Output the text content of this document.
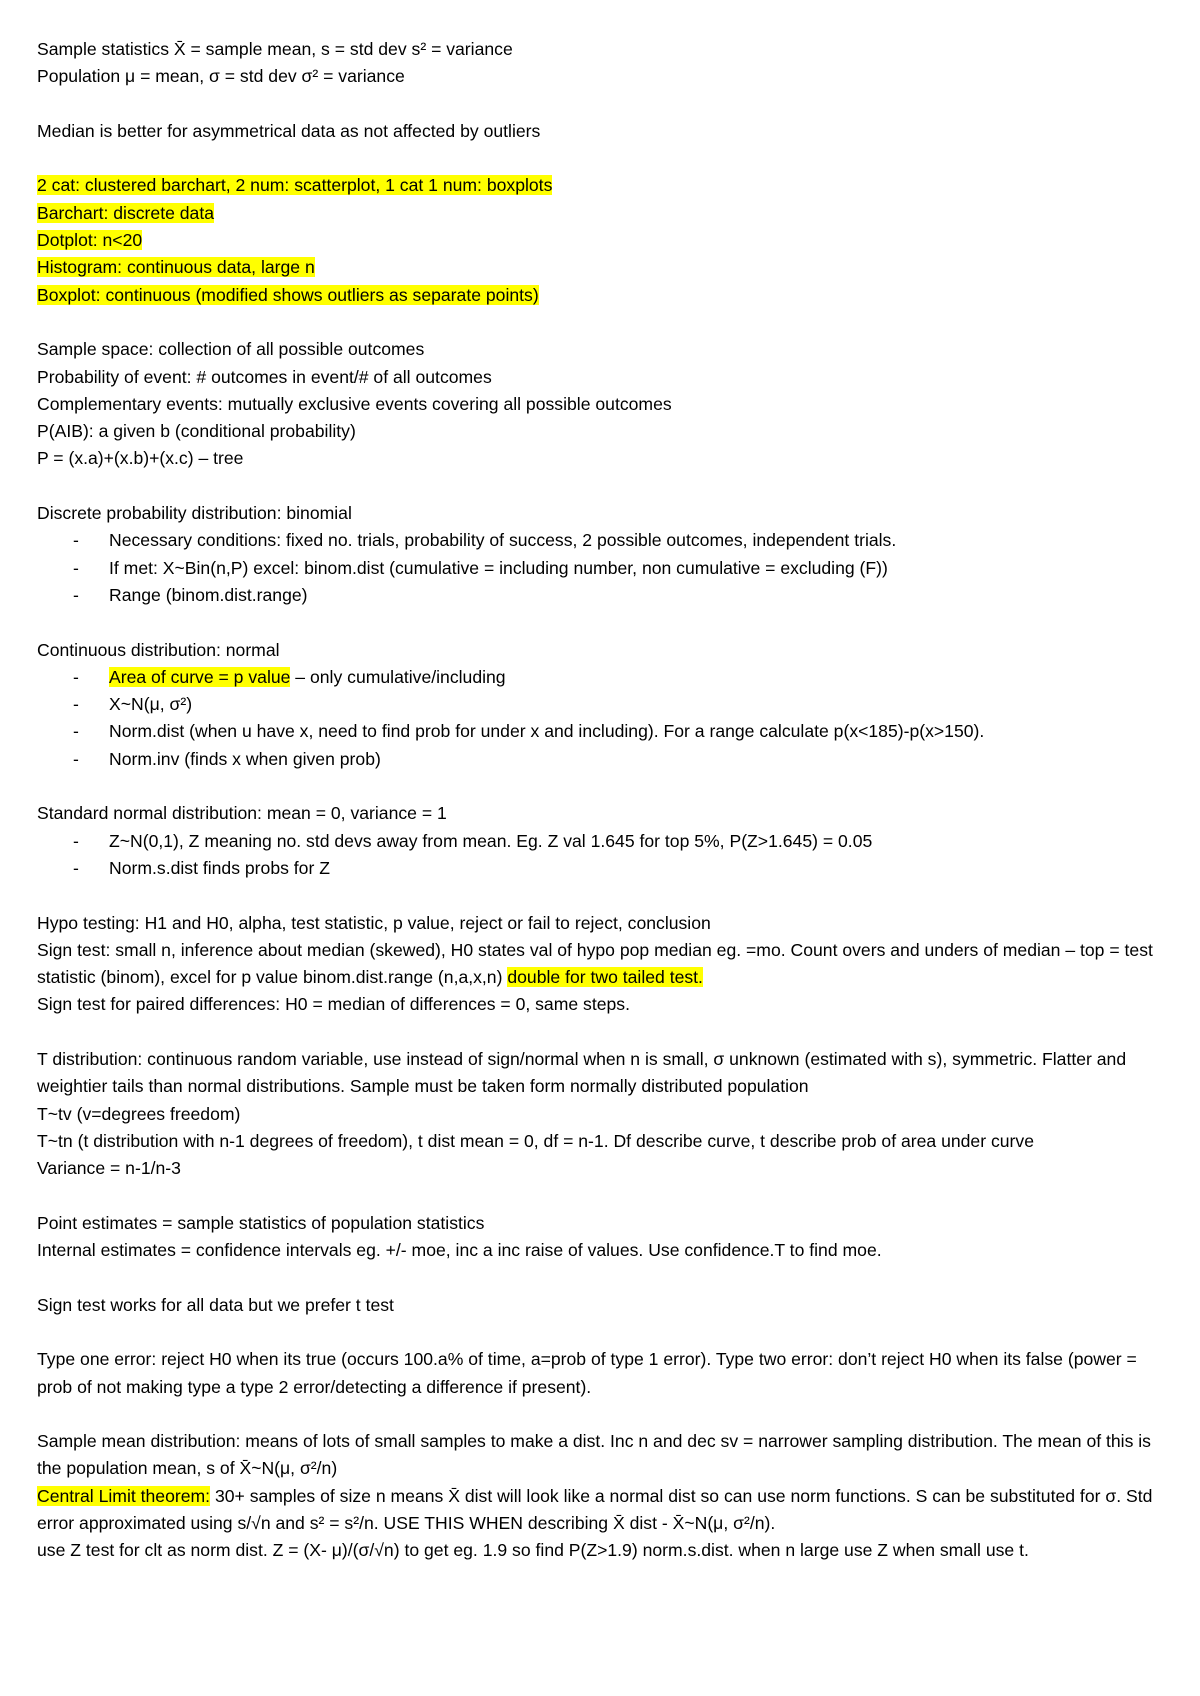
Sample statistics X̄ = sample mean, s = std dev s² = variance
Population μ = mean, σ = std dev σ² = variance
Median is better for asymmetrical data as not affected by outliers
2 cat: clustered barchart, 2 num: scatterplot, 1 cat 1 num: boxplots
Barchart: discrete data
Dotplot: n<20
Histogram: continuous data, large n
Boxplot: continuous (modified shows outliers as separate points)
Sample space: collection of all possible outcomes
Probability of event: # outcomes in event/# of all outcomes
Complementary events: mutually exclusive events covering all possible outcomes
P(AIB): a given b (conditional probability)
P = (x.a)+(x.b)+(x.c) – tree
Discrete probability distribution: binomial
- Necessary conditions: fixed no. trials, probability of success, 2 possible outcomes, independent trials.
- If met: X~Bin(n,P) excel: binom.dist (cumulative = including number, non cumulative = excluding (F))
- Range (binom.dist.range)
Continuous distribution: normal
- Area of curve = p value – only cumulative/including
- X~N(μ, σ²)
- Norm.dist (when u have x, need to find prob for under x and including). For a range calculate p(x<185)-p(x>150).
- Norm.inv (finds x when given prob)
Standard normal distribution: mean = 0, variance = 1
- Z~N(0,1), Z meaning no. std devs away from mean. Eg. Z val 1.645 for top 5%, P(Z>1.645) = 0.05
- Norm.s.dist finds probs for Z
Hypo testing: H1 and H0, alpha, test statistic, p value, reject or fail to reject, conclusion
Sign test: small n, inference about median (skewed), H0 states val of hypo pop median eg. =mo. Count overs and unders of median – top = test statistic (binom), excel for p value binom.dist.range (n,a,x,n) double for two tailed test.
Sign test for paired differences: H0 = median of differences = 0, same steps.
T distribution: continuous random variable, use instead of sign/normal when n is small, σ unknown (estimated with s), symmetric. Flatter and weightier tails than normal distributions. Sample must be taken form normally distributed population
T~tv (v=degrees freedom)
T~tn (t distribution with n-1 degrees of freedom), t dist mean = 0, df = n-1. Df describe curve, t describe prob of area under curve
Variance = n-1/n-3
Point estimates = sample statistics of population statistics
Internal estimates = confidence intervals eg. +/- moe, inc a inc raise of values. Use confidence.T to find moe.
Sign test works for all data but we prefer t test
Type one error: reject H0 when its true (occurs 100.a% of time, a=prob of type 1 error). Type two error: don’t reject H0 when its false (power = prob of not making type a type 2 error/detecting a difference if present).
Sample mean distribution: means of lots of small samples to make a dist. Inc n and dec sv = narrower sampling distribution. The mean of this is the population mean, s of X̄~N(μ, σ²/n)
Central Limit theorem: 30+ samples of size n means X̄ dist will look like a normal dist so can use norm functions. S can be substituted for σ. Std error approximated using s/√n and s² = s²/n. USE THIS WHEN describing X̄ dist - X̄~N(μ, σ²/n).
use Z test for clt as norm dist. Z = (X- μ)/(σ/√n) to get eg. 1.9 so find P(Z>1.9) norm.s.dist. when n large use Z when small use t.
